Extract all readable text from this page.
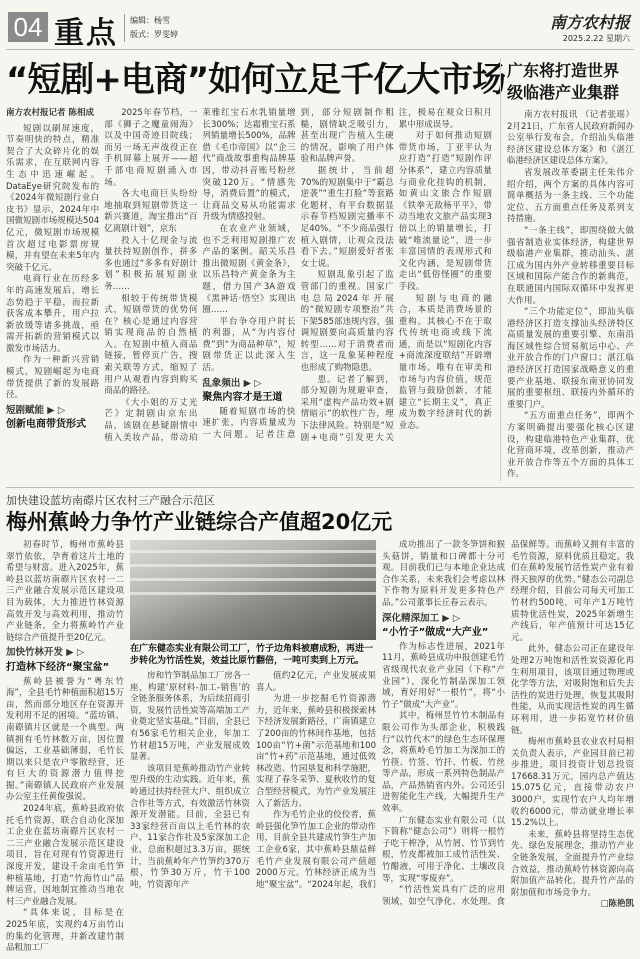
04 重点 编辑：杨雪
版式：罗雯婷
南方农村报
2025.2.22 星期六
“短剧+电商”如何立足千亿大市场

南方农村报记者 陈相成

短剧以刷屏速度，节奏明快的特点，精准契合了大众碎片化的娱乐需求，在互联网内容生态中迅速崛起。DataEye研究院发布的《2024年微短剧行业白皮书》显示，2024年中国微短剧市场规模达504亿元，微短剧市场规模首次超过电影票房规模，并有望在未来5年内突破千亿元。

电商行业在历经多年的高速发展后，增长态势趋于平稳，而拉新获客成本攀升，用户拉新放缓等诸多挑战，亟需开拓新的营销模式以激发市场活力。

作为一种新兴营销模式，短剧崛起为电商带货提供了新的发展路径。

短剧赋能 ▶ ▷

创新电商带货形式

2025年春节档，一部《狮子之魔童闹海》以及中国奇迹目院线；而另一场无声战役正在手机屏幕上展开——超千部电商短剧涌入市场。

各大电商巨头纷纷地抽取到短剧带货这一新兴赛道，淘宝推出“百亿离剧计划”，京东

投入十亿现金与流量扶持短剧创作，拼多多也通过“多多有好剧计划”积极拓展短剧业务……

相较于传统带货模式，短剧带货的优势何在？核心是通过内容营销实现商品的自然植入。在短剧中植入商品链接，暂停页广告，搜索关联等方式，缩短了用户从观看内容到购买商品的路径。

《大小姐的万丈光芒》定制剧由京东出品，该剧在悬疑剧情中植入美妆产品，带动珀莱雅红宝石水乳销量增长300%；达霜雅宝石系列销量增长500%，品牌借《毛巾帝国》以“企三代”商战故事重构品牌基因，带动抖音账号粉丝突破120万。“情感先导，消费后置”的模式，让商品交易从功能需求升级为情感投射。

在农业产业领域，也不乏利用短剧推广农产品的案例。韶关乐昌推出微短剧《黄金条》，以乐昌特产黄金条为主题，借力国产3A游戏《黑神话·悟空》实现出圈……

平台争夺用户时长的利器，从“为内容付费”到“为商品种草”，短剧带货正以此深入生活。

乱象频出 ▶ ▷

聚焦内容才是王道

随着短剧市场的快速扩张，内容质量成为一大问题。记者注意到，部分短剧制作粗糙，剧情缺乏吸引力，甚至出现广告植入生硬的情况，影响了用户体验和品牌声誉。

据统计，当前超70%的短剧集中于“霸总逆袭”“重生打脸”等套路化题材，有平台数据显示春节档短剧完播率不足40%。“不少商品强行植入剧情，让观众没法看下去。”短剧爱好者张女士说。

短剧乱象引起了监管部门的重视。国家广电总局2024年开展的“微短剧专项整治”共下架585部违规内容，强调短剧要向高质量内容转型……对于消费者而言，这一乱象某种程度也形成了购物隐患。

患。记者了解到，部分短剧为规避审查，采用“虚构产品功效+剧情暗示”的软性广告，埋下法律风险。特别是“短剧+电商”引发更大关注，极易在观众日积月累中形成误导。

对于如何推动短剧带货市场，丁亚平认为应打造“打造”短剧作评分体系”，建立内容质量与商业化挂钩的机制，如黄山文旅合作短剧《铁拳无敌杨平平》，带动当地农文旅产品实现3倍以上的销量增长，打破“唯流量论”，进一步丰富国情的表现形式和文化内涵，是短剧带货走出“低俗怪圈”的重要手段。

短剧与电商的融合，本质是消费场景的重构。其核心不在于取代传统电商或线下流通，而是以“短剧化内容+商流深度联结”开辟增量市场。唯有在审美和市场与内容价值，规范监管与鼓励创新，才能建立“长期主义”，真正成为数字经济时代的新业态。

广东将打造世界级临港产业集群

南方农村报讯 （记者张瑶）2月21日，广东省人民政府新闻办公室举行发布会，介绍汕头临港经济区建设总体方案》和《湛江临港经济区建设总体方案》。

省发展改革委副主任朱伟介绍介绍，两个方案的具体内容可简单概括为一条主线、三个功能定位、五方面重点任务及系列支持措施。

“一条主线”，即围绕做大做强省制造业实体经济，构建世界级临港产业集群，推动汕头、湛江成为国内外产业转移重要目标区域和国际产能合作的新典范，在联通国内国际双循环中发挥更大作用。

“三个功能定位”，即汕头临港经济区打造支撑汕头经济特区高质量发展的重要引擎、东南沿海区域性综合贸易航运中心、产业开放合作的门户窗口；湛江临港经济区打造国家战略意义的重要产业基地、联接东南亚协同发展的重要枢纽、联接内外循环的重要门户。

“五方面重点任务”，即两个方案明确提出要强化核心区建设，构建临港特色产业集群，优化营商环境，改革创新，推动产业开放合作等五个方面的具体工作。

加快建设蓝坊南磜片区农村三产融合示范区
梅州蕉岭力争竹产业链综合产值超20亿元

初春时节，梅州市蕉岭县翠竹依依，孕育着这片土地的希望与财富。进入2025年，蕉岭县以蓝坊南磜片区农村一二三产业融合发展示范区建设项目为载体，大力推进竹林资源高效开发与高效利用，推动竹产业链条，全力将蕉岭竹产业链综合产值提升至20亿元。

加快竹林开发 ▶ ▷

打造林下经济“聚宝盆”

蕉岭县被誉为“粤东竹海”，全县毛竹种植面积超15万亩，然而部分地区存在资源开发利用不足的困境。“蓝坊镇、南磜镇片区就是一个典型。两镇拥有毛竹林数万亩，因位置偏远，工业基础薄弱，毛竹长期以来只是农户零散经营，还有巨大的资源潜力值得挖掘。”南磜镇人民政府产业发展办公室主任黄俊强说。

2024年底，蕉岭县政府依托毛竹资源，联合自动化深加工企业在蓝坊南磜片区农村一二三产业融合发展示范区建设项目，旨在对现有竹资源进行深度开发，建设千余亩毛竹笋种植基地，打造“竹海竹山”品牌运营，因地制宜推动当地农村三产业融合发展。

“具体来说，目标是在2025年底，实现约4万亩竹山的集约化管理，并新改建竹制品粗加工厂

在广东健态实业有限公司工厂，竹子边角料被磨成粉，再进一步转化为竹活性炭，效益比原竹翻倍，一吨可卖到上万元。

房和竹笋制品加工厂房各一座，构建‘原材料-加工-销售’的全链条服务体系，为后续招商引资，发展竹活性炭等高端加工产业奠定坚实基础。”目前，全县已有56家毛竹相关企业，年加工竹材超15万吨，产业发展成效显著。

该项目是蕉岭推动竹产业转型升级的生动实践。近年来，蕉岭通过扶持经营大户、组织成立合作社等方式，有效激活竹林资源开发潜能。目前，全县已有33家经营百亩以上毛竹林的农户、11家合作社及5家深加工企业，总面积超过3.3万亩，据统计，当前蕉岭年产竹笋约370万根，竹笋30万斤，竹干100吨，竹资源年产

值约2亿元，产业发展成果喜人。

为进一步挖掘毛竹资源潜力，近年来，蕉岭县积极探索林下经济发展新路径，广南镇建立了200亩的竹林间作基地，包括100亩“竹+菌”示范基地和100亩“竹+药”示范基地，通过低效林改造、竹园垦复和科学施肥，实现了春冬采笋、夏秋收竹的复合型经营模式，为竹产业发展注入了新活力。

作为毛竹企业的佼佼者，蕉岭县强化笋竹加工企业的带动作用，目前全县共建成竹笋生产加工企业6家，其中蕉岭县鼎益鲜毛竹产业发展有限公司产值超2000万元。竹林经济正成为当地“聚宝盆”。“2024年起，我们

成功推出了一款冬笋饼和猴头菇饼，销量和口碑都十分可观。目前我们已与本地企业达成合作关系，未来我们会考虑以林下作物为原料开发更多特色产品。”公司董事长丘春云表示。

深化精深加工 ▶ ▷

“小竹子”做成“大产业”

作为标志性进展，2021年11月，蕉岭县成功申报创建毛竹省级现代农业产业园（下称“产业园”），深化竹制品深加工领域，育好用好“一根竹”，将“小竹子”做成“大产业”。

其中，梅州昱竹竹木制品有限公司作为头部企业，积极践行“以竹代木”的绿色生态环保理念，将蕉岭毛竹加工为深加工的竹筷、竹签、竹扦、竹板、竹丝等产品，形成一系列特色制品产品，产品热销省内外。公司还引进智能化生产线，大幅提升生产效率。

广东健态实业有限公司（以下简称“健态公司”）则将一根竹子吃干榨净，从竹屑、竹节到竹根，竹皮都被加工成竹活性炭、竹醋液，可用于净化、土壤改良等，实现“零废弃”。

“竹活性炭具有广泛的应用领域，如空气净化、水处理、食品保鲜等。而蕉岭又拥有丰富的毛竹资源，原料优质且稳定。我们在蕉岭发展竹活性炭产业有着得天独厚的优势。”健态公司副总经理介绍，目前公司每天可加工竹材约500吨，可年产1万吨竹质特优活性炭，2025年新增生产线后，年产值预计可达15亿元。

此外，健态公司正在建设年处理2万吨饱和活性炭资源化再生利用项目，该项目通过物理或化学等方法，对吸附饱和后失去活性的炭进行处理，恢复其吸附性能，从而实现活性炭的再生循环利用，进一步拓宽竹材价值链。

梅州市蕉岭县农业农村局相关负责人表示，产业园目前已初步推进，项目投资计划总投资17668.31万元，园内总产值达15.075亿元，直接带动农户3000户，实现竹农户人均年增收约6000元，带动就业增长率15.2%以上。

未来，蕉岭县将坚持生态优先、绿色发展理念，推动竹产业全链条发展，全面提升竹产业综合效益，推动蕉岭竹林资源向高附加值产品转化，提升竹产品的附加值和市场竞争力。

□陈艳凯
